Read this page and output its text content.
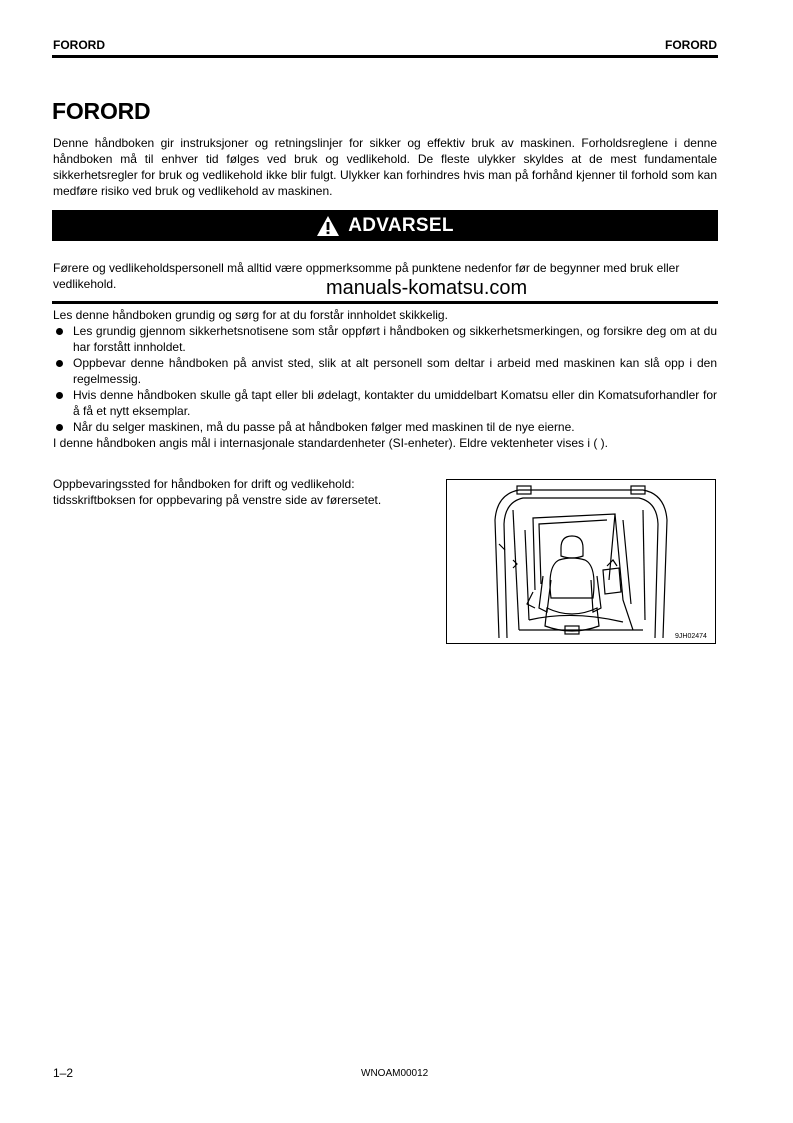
FORORD	FORORD
FORORD

Denne håndboken gir instruksjoner og retningslinjer for sikker og effektiv bruk av maskinen. Forholdsreglene i denne håndboken må til enhver tid følges ved bruk og vedlikehold. De fleste ulykker skyldes at de mest fundamentale sikkerhetsregler for bruk og vedlikehold ikke blir fulgt. Ulykker kan forhindres hvis man på forhånd kjenner til forhold som kan medføre risiko ved bruk og vedlikehold av maskinen.

ADVARSEL

Førere og vedlikeholdspersonell må alltid være oppmerksomme på punktene nedenfor før de begynner med bruk eller vedlikehold.	manuals-komatsu.com

Les denne håndboken grundig og sørg for at du forstår innholdet skikkelig.

Les grundig gjennom sikkerhetsnotisene som står oppført i håndboken og sikkerhetsmerkingen, og forsikre deg om at du har forstått innholdet.
Oppbevar denne håndboken på anvist sted, slik at alt personell som deltar i arbeid med maskinen kan slå opp i den regelmessig.
Hvis denne håndboken skulle gå tapt eller bli ødelagt, kontakter du umiddelbart Komatsu eller din Komatsuforhandler for å få et nytt eksemplar.
Når du selger maskinen, må du passe på at håndboken følger med maskinen til de nye eierne.

I denne håndboken angis mål i internasjonale standardenheter (SI-enheter). Eldre vektenheter vises i ( ).

Oppbevaringssted for håndboken for drift og vedlikehold:
tidsskriftboksen for oppbevaring på venstre side av førersetet.
9JH02474
1–2	WNOAM00012
